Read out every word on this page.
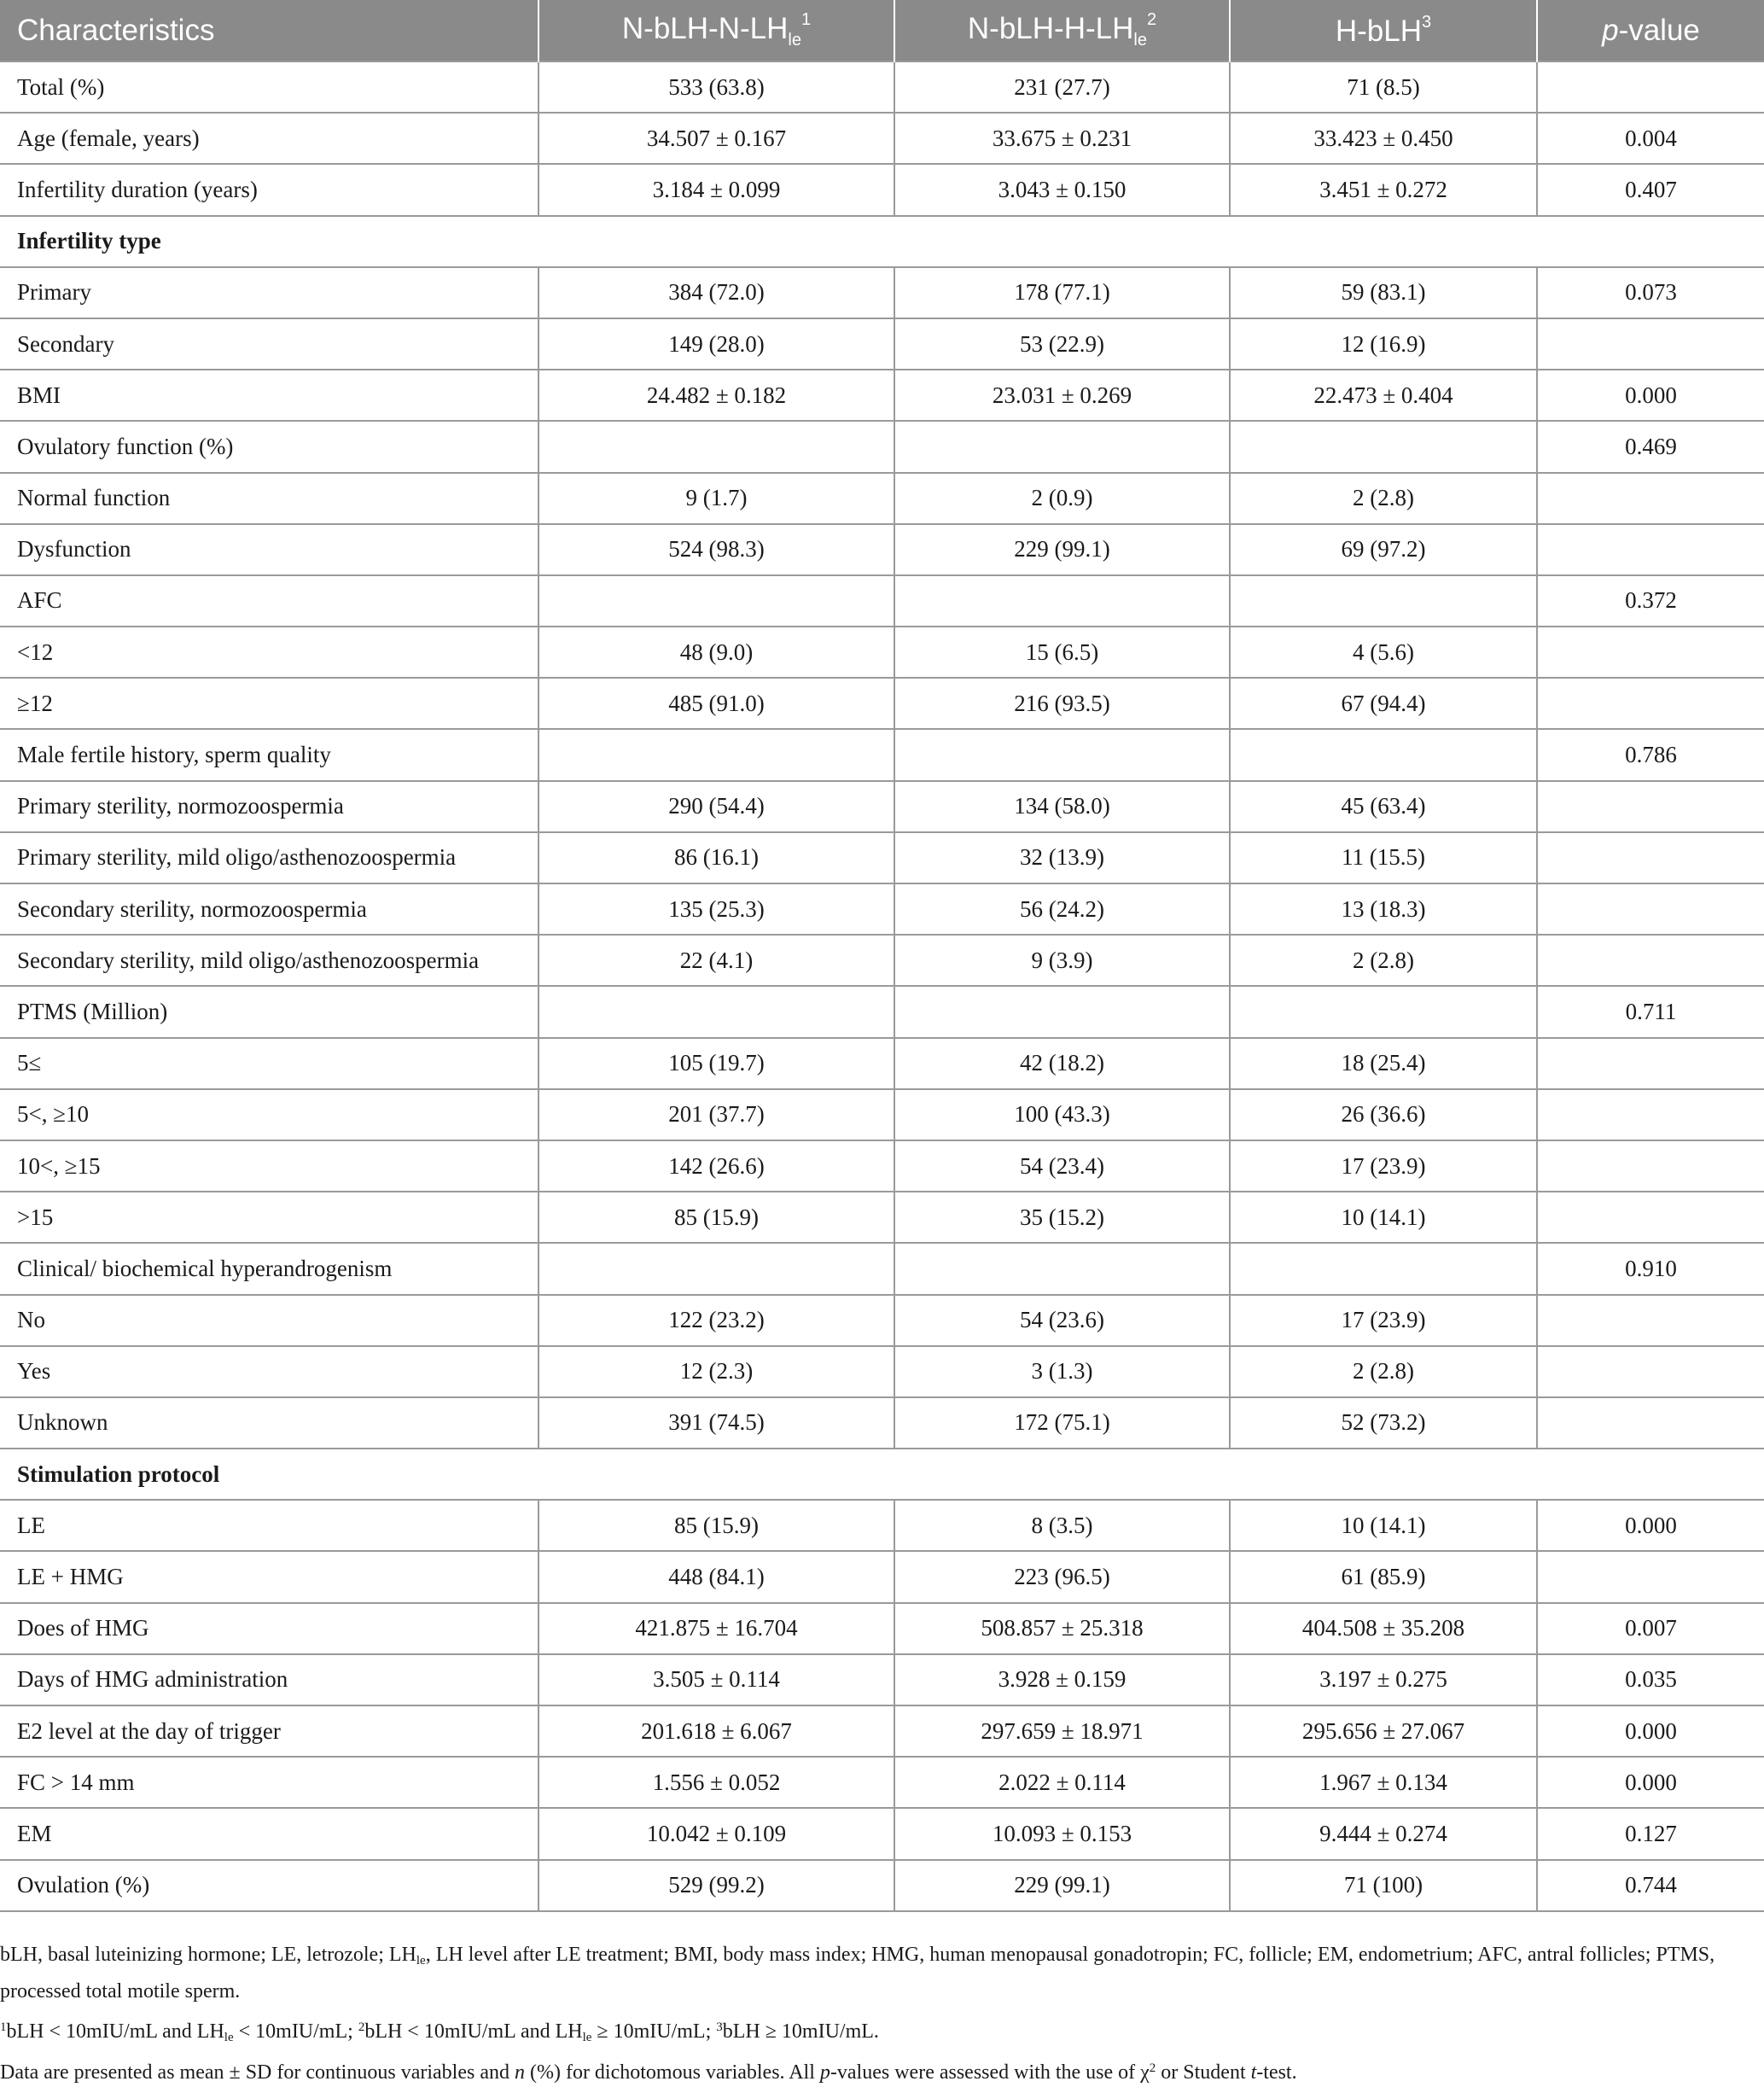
Characteristics	$N-bLH-N-LH_{le}^1$	$N-bLH-H-LH_{le}^2$	H-bLH$^3$	p-value
Total (%)	533 (63.8)	231 (27.7)	71 (8.5)	
Age (female, years)	34.507 ± 0.167	33.675 ± 0.231	33.423 ± 0.450	0.004
Infertility duration (years)	3.184 ± 0.099	3.043 ± 0.150	3.451 ± 0.272	0.407
Infertility type				
Primary	384 (72.0)	178 (77.1)	59 (83.1)	0.073
Secondary	149 (28.0)	53 (22.9)	12 (16.9)	
BMI	24.482 ± 0.182	23.031 ± 0.269	22.473 ± 0.404	0.000
Ovulatory function (%)				0.469
Normal function	9 (1.7)	2 (0.9)	2 (2.8)	
Dysfunction	524 (98.3)	229 (99.1)	69 (97.2)	
AFC				0.372
<12	48 (9.0)	15 (6.5)	4 (5.6)	
≥12	485 (91.0)	216 (93.5)	67 (94.4)	
Male fertile history, sperm quality				0.786
Primary sterility, normozoospermia	290 (54.4)	134 (58.0)	45 (63.4)	
Primary sterility, mild oligo/asthenozoospermia	86 (16.1)	32 (13.9)	11 (15.5)	
Secondary sterility, normozoospermia	135 (25.3)	56 (24.2)	13 (18.3)	
Secondary sterility, mild oligo/asthenozoospermia	22 (4.1)	9 (3.9)	2 (2.8)	
PTMS (Million)				0.711
5≤	105 (19.7)	42 (18.2)	18 (25.4)	
5<, ≥10	201 (37.7)	100 (43.3)	26 (36.6)	
10<, ≥15	142 (26.6)	54 (23.4)	17 (23.9)	
>15	85 (15.9)	35 (15.2)	10 (14.1)	
Clinical/ biochemical hyperandrogenism				0.910
No	122 (23.2)	54 (23.6)	17 (23.9)	
Yes	12 (2.3)	3 (1.3)	2 (2.8)	
Unknown	391 (74.5)	172 (75.1)	52 (73.2)	
Stimulation protocol				
LE	85 (15.9)	8 (3.5)	10 (14.1)	0.000
LE + HMG	448 (84.1)	223 (96.5)	61 (85.9)	
Does of HMG	421.875 ± 16.704	508.857 ± 25.318	404.508 ± 35.208	0.007
Days of HMG administration	3.505 ± 0.114	3.928 ± 0.159	3.197 ± 0.275	0.035
E2 level at the day of trigger	201.618 ± 6.067	297.659 ± 18.971	295.656 ± 27.067	0.000
FC > 14 mm	1.556 ± 0.052	2.022 ± 0.114	1.967 ± 0.134	0.000
EM	10.042 ± 0.109	10.093 ± 0.153	9.444 ± 0.274	0.127
Ovulation (%)	529 (99.2)	229 (99.1)	71 (100)	0.744

bLH, basal luteinizing hormone; LE, letrozole; $LH_{le}$, LH level after LE treatment; BMI, body mass index; HMG, human menopausal gonadotropin; FC, follicle; EM, endometrium; AFC, antral follicles; PTMS, processed total motile sperm.

$^1$bLH < 10mIU/mL and $LH_{le} < 10mIU/mL$; $^2$bLH < 10mIU/mL and $LH_{le} \ge 10mIU/mL$; $^3$bLH ≥ 10mIU/mL.

Data are presented as mean ± SD for continuous variables and n (%) for dichotomous variables. All p-values were assessed with the use of $\chi^2$ or Student t-test.
